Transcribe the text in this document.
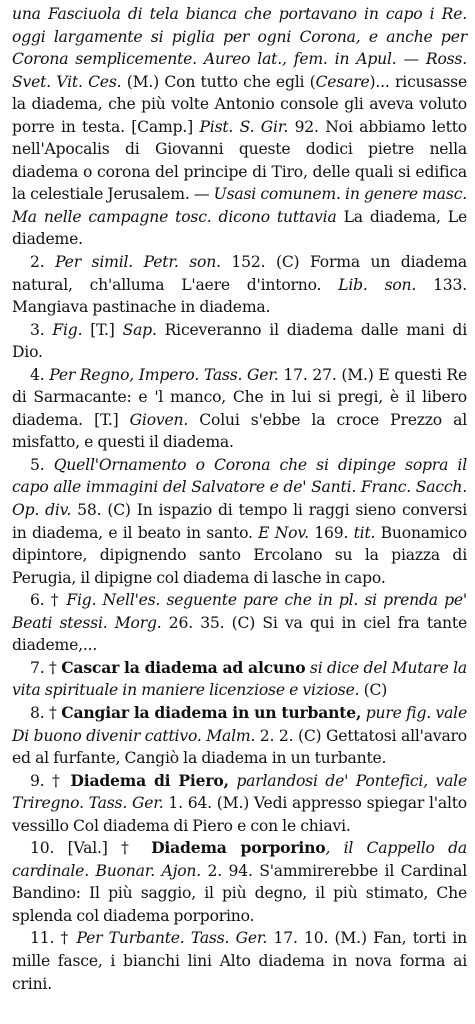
una Fasciuola di tela bianca che portavano in capo i Re. oggi largamente si piglia per ogni Corona, e anche per Corona semplicemente. Aureo lat., fem. in Apul. — Ross. Svet. Vit. Ces. (M.) Con tutto che egli (Cesare)... ricusasse la diadema, che più volte Antonio console gli aveva voluto porre in testa. [Camp.] Pist. S. Gir. 92. Noi abbiamo letto nell'Apocalis di Giovanni queste dodici pietre nella diadema o corona del principe di Tiro, delle quali si edifica la celestiale Jerusalem. — Usasi comunem. in genere masc. Ma nelle campagne tosc. dicono tuttavia La diadema, Le diademe.

2. Per simil. Petr. son. 152. (C) Forma un diadema natural, ch'alluma L'aere d'intorno. Lib. son. 133. Mangiava pastinache in diadema.

3. Fig. [T.] Sap. Riceveranno il diadema dalle mani di Dio.

4. Per Regno, Impero. Tass. Ger. 17. 27. (M.) E questi Re di Sarmacante: e 'l manco, Che in lui si pregi, è il libero diadema. [T.] Gioven. Colui s'ebbe la croce Prezzo al misfatto, e questi il diadema.

5. Quell'Ornamento o Corona che si dipinge sopra il capo alle immagini del Salvatore e de' Santi. Franc. Sacch. Op. div. 58. (C) In ispazio di tempo li raggi sieno conversi in diadema, e il beato in santo. E Nov. 169. tit. Buonamico dipintore, dipignendo santo Ercolano su la piazza di Perugia, il dipigne col diadema di lasche in capo.

6. † Fig. Nell'es. seguente pare che in pl. si prenda pe' Beati stessi. Morg. 26. 35. (C) Si va qui in ciel fra tante diademe,...

7. † Cascar la diadema ad alcuno si dice del Mutare la vita spirituale in maniere licenziose e viziose. (C)

8. † Cangiar la diadema in un turbante, pure fig. vale Di buono divenir cattivo. Malm. 2. 2. (C) Gettatosi all'avaro ed al furfante, Cangiò la diadema in un turbante.

9. † Diadema di Piero, parlandosi de' Pontefici, vale Triregno. Tass. Ger. 1. 64. (M.) Vedi appresso spiegar l'alto vessillo Col diadema di Piero e con le chiavi.

10. [Val.] † Diadema porporino, il Cappello da cardinale. Buonar. Ajon. 2. 94. S'ammirerebbe il Cardinal Bandino: Il più saggio, il più degno, il più stimato, Che splenda col diadema porporino.

11. † Per Turbante. Tass. Ger. 17. 10. (M.) Fan, torti in mille fasce, i bianchi lini Alto diadema in nova forma ai crini.
